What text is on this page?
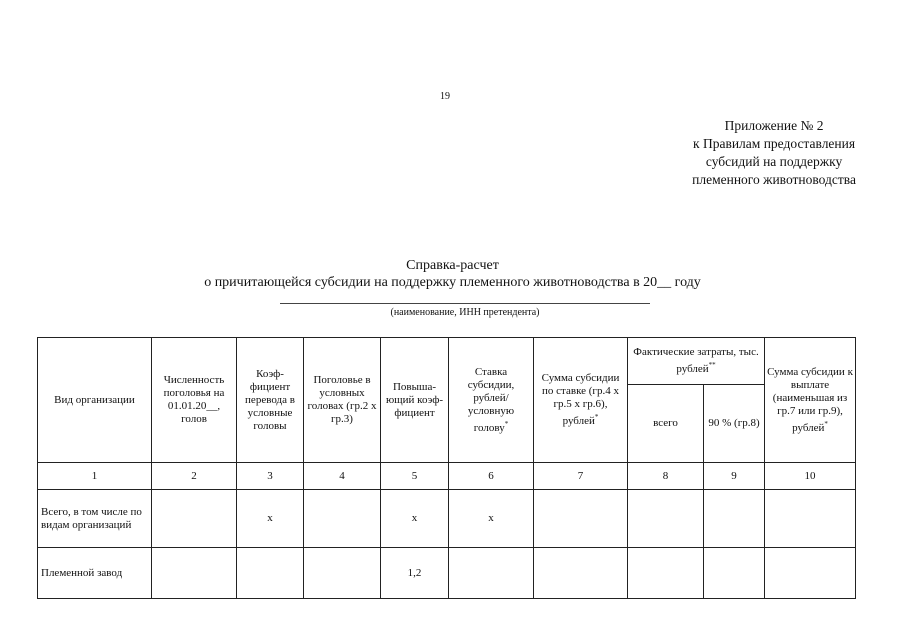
19
Приложение № 2
к Правилам предоставления
субсидий на поддержку
племенного животноводства
Справка-расчет
о причитающейся субсидии на поддержку племенного животноводства в 20__ году
(наименование, ИНН претендента)
Вид организации	Численность поголовья на 01.01.20__, голов	Коэф-фициент перевода в условные головы	Поголовье в условных головах (гр.2 х гр.3)	Повыша-ющий коэф-фициент	Ставка субсидии, рублей/ условную голову*	Сумма субсидии по ставке (гр.4 х гр.5 х гр.6), рублей*	Фактические затраты, тыс. рублей**		Сумма субсидии к выплате (наименьшая из гр.7 или гр.9), рублей*
							всего	90 % (гр.8)	
1	2	3	4	5	6	7	8	9	10
Всего, в том числе по видам организаций		х		х	х				
Племенной завод				1,2					
